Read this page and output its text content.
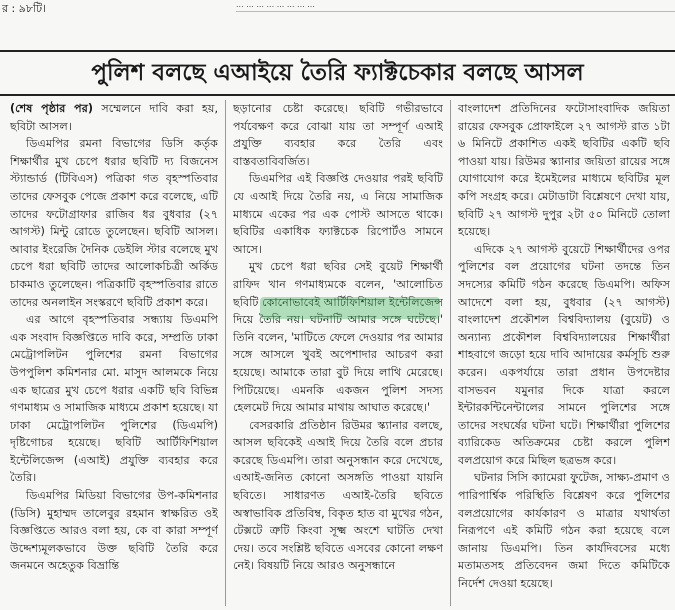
র : ৯৮টি।	... ... ... ... ... ... ... ...
পুলিশ বলছে এআইয়ে তৈরি ফ্যাক্টচেকার বলছে আসল

(শেষ পৃষ্ঠার পর) সম্মেলনে দাবি করা হয়, ছবিটা আসল।

ডিএমপির রমনা বিভাগের ডিসি কর্তৃক শিক্ষার্থীর মুখ চেপে ধরার ছবিটি দ্য বিজনেস স্ট্যান্ডার্ড (টিবিএস) পত্রিকা গত বৃহস্পতিবার তাদের ফেসবুক পেজে প্রকাশ করে বলেছে, এটি তাদের ফটোগ্রাফার রাজিব ধর বুধবার (২৭ আগস্ট) মিন্টু রোডে তুলেছেন। ছবিটি আসল। আবার ইংরেজি দৈনিক ডেইলি স্টার বলেছে মুখ চেপে ধরা ছবিটি তাদের আলোকচিত্রী অর্কিড চাকমাও তুলেছেন। পত্রিকাটি বৃহস্পতিবার রাতে তাদের অনলাইন সংস্করণে ছবিটি প্রকাশ করে।

এর আগে বৃহস্পতিবার সন্ধ্যায় ডিএমপি এক সংবাদ বিজ্ঞপ্তিতে দাবি করে, সম্প্রতি ঢাকা মেট্রোপলিটন পুলিশের রমনা বিভাগের উপপুলিশ কমিশনার মো. মাসুদ আলমকে নিয়ে এক ছাত্রের মুখ চেপে ধরার একটি ছবি বিভিন্ন গণমাধ্যম ও সামাজিক মাধ্যমে প্রকাশ হয়েছে। যা ঢাকা মেট্রোপলিটন পুলিশের (ডিএমপি) দৃষ্টিগোচর হয়েছে। ছবিটি আর্টিফিশিয়াল ইন্টেলিজেন্স (এআই) প্রযুক্তি ব্যবহার করে তৈরি।

ডিএমপির মিডিয়া বিভাগের উপ-কমিশনার (ডিসি) মুহাম্মদ তালেবুর রহমান স্বাক্ষরিত ওই বিজ্ঞপ্তিতে আরও বলা হয়, কে বা কারা সম্পূর্ণ উদ্দেশ্যমূলকভাবে উক্ত ছবিটি তৈরি করে জনমনে অহেতুক বিভ্রান্তি

ছড়ানোর চেষ্টা করেছে। ছবিটি গভীরভাবে পর্যবেক্ষণ করে বোঝা যায় তা সম্পূর্ণ এআই প্রযুক্তি ব্যবহার করে তৈরি এবং বাস্তবতাবিবর্জিত।

ডিএমপির এই বিজ্ঞপ্তি দেওয়ার পরই ছবিটি যে এআই দিয়ে তৈরি নয়, এ নিয়ে সামাজিক মাধ্যমে একের পর এক পোস্ট আসতে থাকে। ছবিটির একাধিক ফ্যাক্টচেক রিপোর্টও সামনে আসে।

মুখ চেপে ধরা ছবির সেই বুয়েট শিক্ষার্থী রাফিদ খান গণমাধ্যমকে বলেন, 'আলোচিত ছবিটি কোনোভাবেই আর্টিফিশিয়াল ইন্টেলিজেন্স দিয়ে তৈরি নয়। ঘটনাটি আমার সঙ্গে ঘটেছে।' তিনি বলেন, 'মাটিতে ফেলে দেওয়ার পর আমার সঙ্গে আসলে খুবই অপেশাদার আচরণ করা হয়েছে। আমাকে তারা বুট দিয়ে লাথি মেরেছে। পিটিয়েছে। এমনকি একজন পুলিশ সদস্য হেলমেট দিয়ে আমার মাথায় আঘাত করেছে।'

বেসরকারি প্রতিষ্ঠান রিউমর স্ক্যানার বলছে, আসল ছবিকেই এআই দিয়ে তৈরি বলে প্রচার করেছে ডিএমপি। তারা অনুসন্ধান করে দেখেছে, এআই-জনিত কোনো অসঙ্গতি পাওয়া যায়নি ছবিতে। সাধারণত এআই-তৈরি ছবিতে অস্বাভাবিক প্রতিবিম্ব, বিকৃত হাত বা মুখের গঠন, টেক্সটে ত্রুটি কিংবা সূক্ষ্ম অংশে ঘাটতি দেখা দেয়। তবে সংশ্লিষ্ট ছবিতে এসবের কোনো লক্ষণ নেই। বিষয়টি নিয়ে আরও অনুসন্ধানে

বাংলাদেশ প্রতিদিনের ফটোসাংবাদিক জয়িতা রায়ের ফেসবুক প্রোফাইলে ২৭ আগস্ট রাত ১টা ৬ মিনিটে প্রকাশিত একই ছবিটির একটি ছবি পাওয়া যায়। রিউমর স্ক্যানার জয়িতা রায়ের সঙ্গে যোগাযোগ করে ইমেইলের মাধ্যমে ছবিটির মূল কপি সংগ্রহ করে। মেটাডাটা বিশ্লেষণে দেখা যায়, ছবিটি ২৭ আগস্ট দুপুর ২টা ৫০ মিনিটে তোলা হয়েছে।

এদিকে ২৭ আগস্ট বুয়েটে শিক্ষার্থীদের ওপর পুলিশের বল প্রয়োগের ঘটনা তদন্তে তিন সদস্যের কমিটি গঠন করেছে ডিএমপি। অফিস আদেশে বলা হয়, বুধবার (২৭ আগস্ট) বাংলাদেশ প্রকৌশল বিশ্ববিদ্যালয় (বুয়েট) ও অন্যান্য প্রকৌশল বিশ্ববিদ্যালয়ের শিক্ষার্থীরা শাহবাগে জড়ো হয়ে দাবি আদায়ের কর্মসূচি শুরু করেন। একপর্যায়ে তারা প্রধান উপদেষ্টার বাসভবন যমুনার দিকে যাত্রা করলে ইন্টারকন্টিনেন্টালের সামনে পুলিশের সঙ্গে তাদের সংঘর্ষের ঘটনা ঘটে। শিক্ষার্থীরা পুলিশের ব্যারিকেড অতিক্রমের চেষ্টা করলে পুলিশ বলপ্রয়োগ করে মিছিল ছত্রভঙ্গ করে।

ঘটনার সিসি ক্যামেরা ফুটেজ, সাক্ষ্য-প্রমাণ ও পারিপার্শ্বিক পরিস্থিতি বিশ্লেষণ করে পুলিশের বলপ্রয়োগের কার্যকারণ ও মাত্রার যথার্থতা নিরূপণে এই কমিটি গঠন করা হয়েছে বলে জানায় ডিএমপি। তিন কার্যদিবসের মধ্যে মতামতসহ প্রতিবেদন জমা দিতে কমিটিকে নির্দেশ দেওয়া হয়েছে।
